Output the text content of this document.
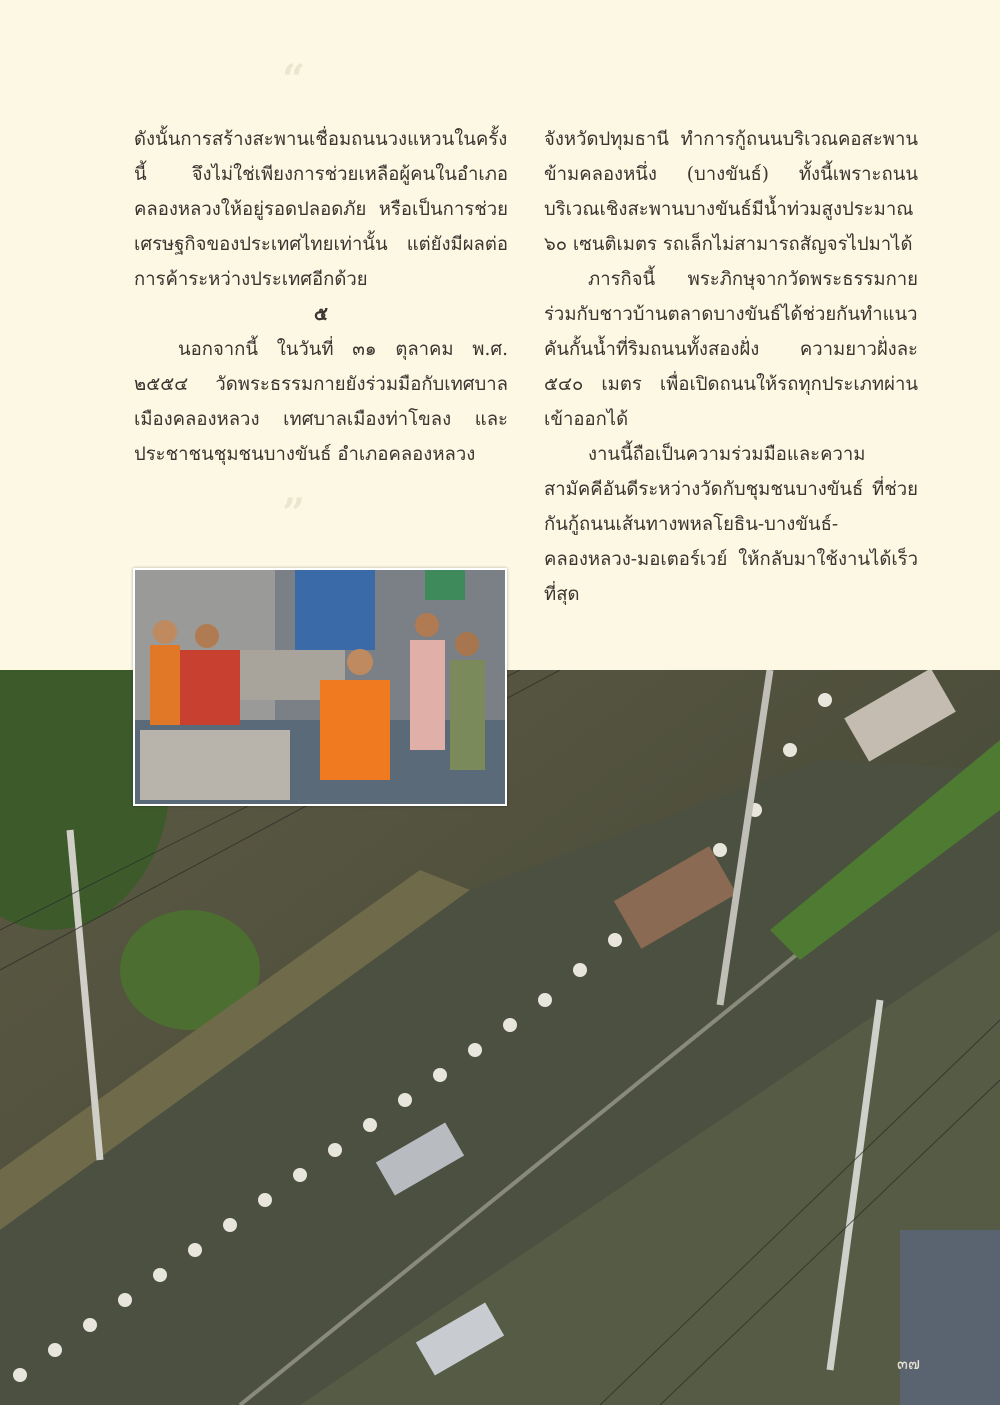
“
”

ดังนั้นการสร้างสะพานเชื่อมถนนวงแหวนในครั้งนี้ จึงไม่ใช่เพียงการช่วยเหลือผู้คนในอำเภอคลองหลวงให้อยู่รอดปลอดภัย หรือเป็นการช่วยเศรษฐกิจของประเทศไทยเท่านั้น แต่ยังมีผลต่อการค้าระหว่างประเทศอีกด้วย

๕

นอกจากนี้ ในวันที่ ๓๑ ตุลาคม พ.ศ. ๒๕๕๔ วัดพระธรรมกายยังร่วมมือกับเทศบาลเมืองคลองหลวง เทศบาลเมืองท่าโขลง และประชาชนชุมชนบางขันธ์ อำเภอคลองหลวง

จังหวัดปทุมธานี ทำการกู้ถนนบริเวณคอสะพานข้ามคลองหนึ่ง (บางขันธ์) ทั้งนี้เพราะถนนบริเวณเชิงสะพานบางขันธ์มีน้ำท่วมสูงประมาณ ๖๐ เซนติเมตร รถเล็กไม่สามารถสัญจรไปมาได้

ภารกิจนี้ พระภิกษุจากวัดพระธรรมกายร่วมกับชาวบ้านตลาดบางขันธ์ได้ช่วยกันทำแนวคันกั้นน้ำที่ริมถนนทั้งสองฝั่ง ความยาวฝั่งละ ๕๔๐ เมตร เพื่อเปิดถนนให้รถทุกประเภทผ่านเข้าออกได้

งานนี้ถือเป็นความร่วมมือและความสามัคคีอันดีระหว่างวัดกับชุมชนบางขันธ์ ที่ช่วยกันกู้ถนนเส้นทางพหลโยธิน-บางขันธ์-คลองหลวง-มอเตอร์เวย์ ให้กลับมาใช้งานได้เร็วที่สุด

๓๗
